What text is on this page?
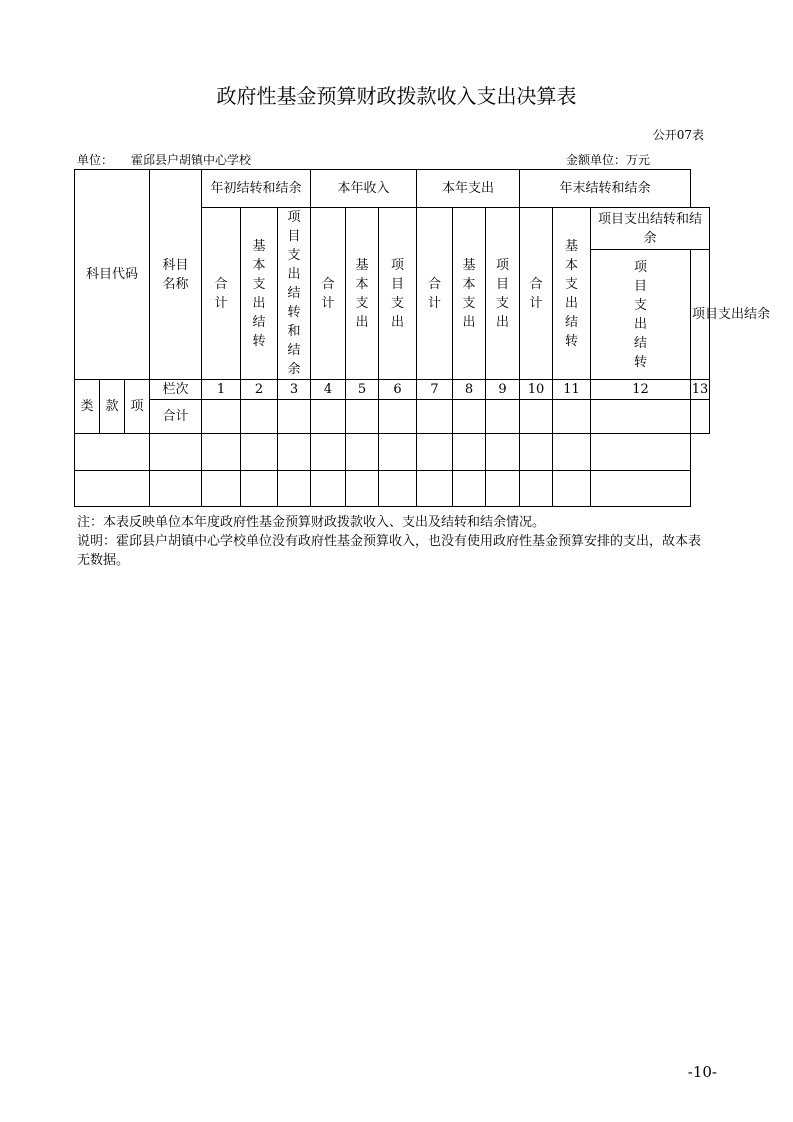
政府性基金预算财政拨款收入支出决算表
公开07表
单位： 霍邱县户胡镇中心学校	金额单位：万元
科目代码			科目名称	年初结转和结余			本年收入			本年支出			年末结转和结余			
				合计	基本支出结转	项目支出结转和结余	合计	基本支出	项目支出	合计	基本支出	项目支出	合计	基本支出结转	项目支出结转和结余	
															项目支出结转	项目支出结余

类	款	项	栏次	1	2	3	4	5	6	7	8	9	10	11	12	13
			合计													

注：本表反映单位本年度政府性基金预算财政拨款收入、支出及结转和结余情况。
说明：霍邱县户胡镇中心学校单位没有政府性基金预算收入，也没有使用政府性基金预算安排的支出，故本表无数据。
-10-
